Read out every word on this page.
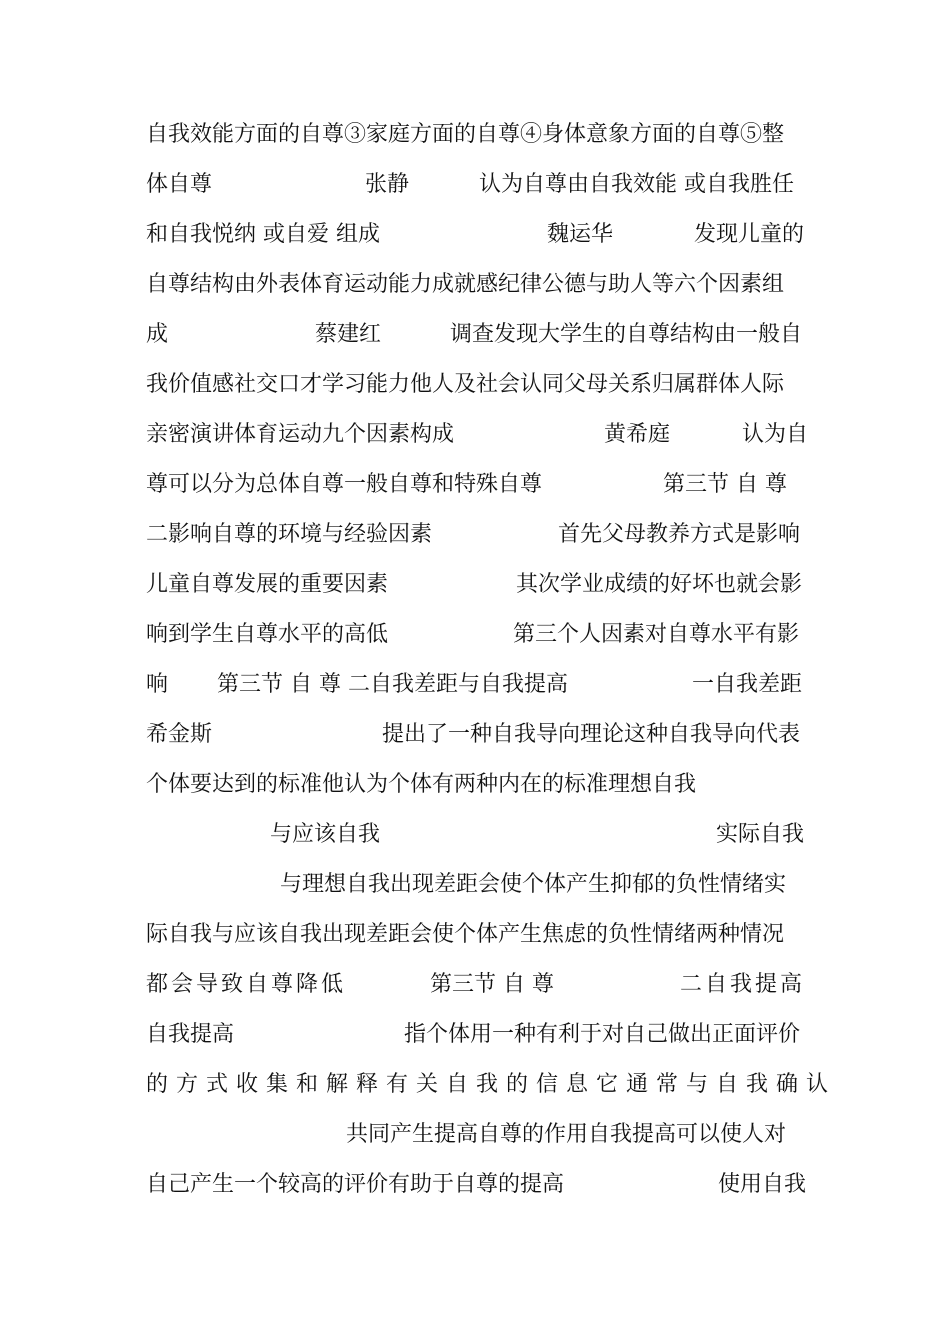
自我效能方面的自尊③家庭方面的自尊④身体意象方面的自尊⑤整
体自尊	张静	认为自尊由自我效能 或自我胜任
和自我悦纳 或自爱 组成	魏运华	发现儿童的
自尊结构由外表体育运动能力成就感纪律公德与助人等六个因素组
成	蔡建红	调查发现大学生的自尊结构由一般自
我价值感社交口才学习能力他人及社会认同父母关系归属群体人际
亲密演讲体育运动九个因素构成	黄希庭	认为自
尊可以分为总体自尊一般自尊和特殊自尊	第三节 自 尊
二影响自尊的环境与经验因素	首先父母教养方式是影响
儿童自尊发展的重要因素	其次学业成绩的好坏也就会影
响到学生自尊水平的高低	第三个人因素对自尊水平有影
响 第三节 自 尊 二自我差距与自我提高	一自我差距
希金斯	提出了一种自我导向理论这种自我导向代表
个体要达到的标准他认为个体有两种内在的标准理想自我
与应该自我	实际自我
与理想自我出现差距会使个体产生抑郁的负性情绪实
际自我与应该自我出现差距会使个体产生焦虑的负性情绪两种情况
都会导致自尊降低	第三节 自 尊	二自我提高
自我提高	指个体用一种有利于对自己做出正面评价
的方式收集和解释有关自我的信息它通常与自我确认
共同产生提高自尊的作用自我提高可以使人对
自己产生一个较高的评价有助于自尊的提高	使用自我
